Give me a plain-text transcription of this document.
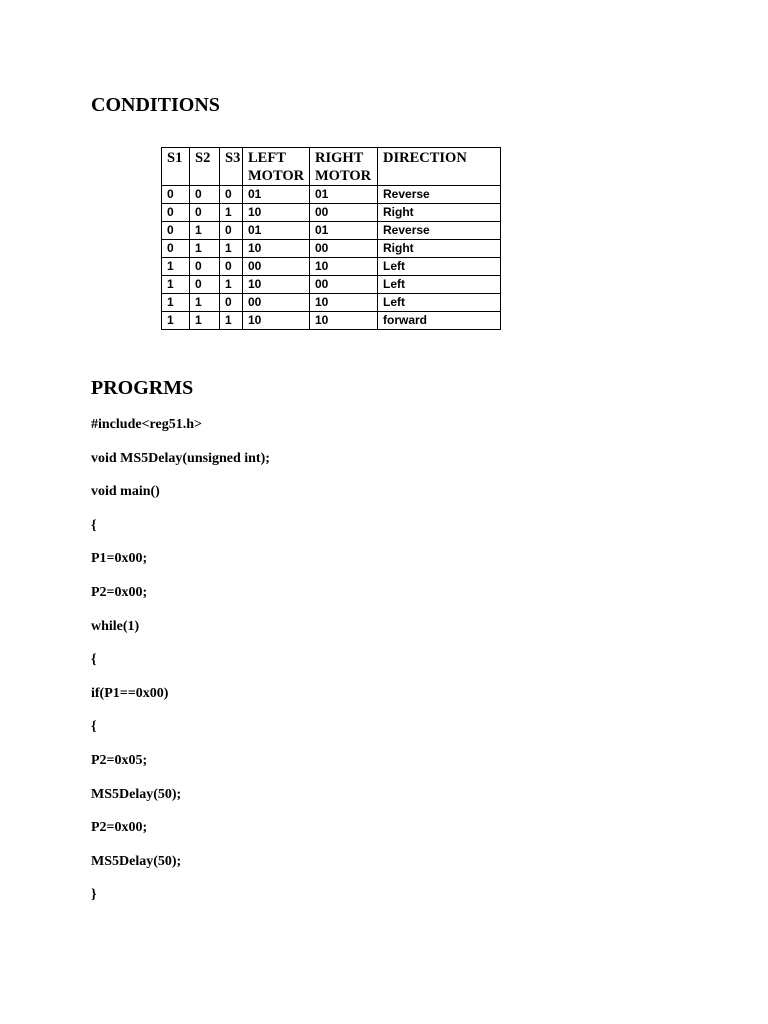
CONDITIONS
S1	S2	S3	LEFT MOTOR	RIGHT MOTOR	DIRECTION
0	0	0	01	01	Reverse
0	0	1	10	00	Right
0	1	0	01	01	Reverse
0	1	1	10	00	Right
1	0	0	00	10	Left
1	0	1	10	00	Left
1	1	0	00	10	Left
1	1	1	10	10	forward
PROGRMS
#include<reg51.h>
void MS5Delay(unsigned int);
void main()
{
P1=0x00;
P2=0x00;
while(1)
{
if(P1==0x00)
{
P2=0x05;
MS5Delay(50);
P2=0x00;
MS5Delay(50);
}
